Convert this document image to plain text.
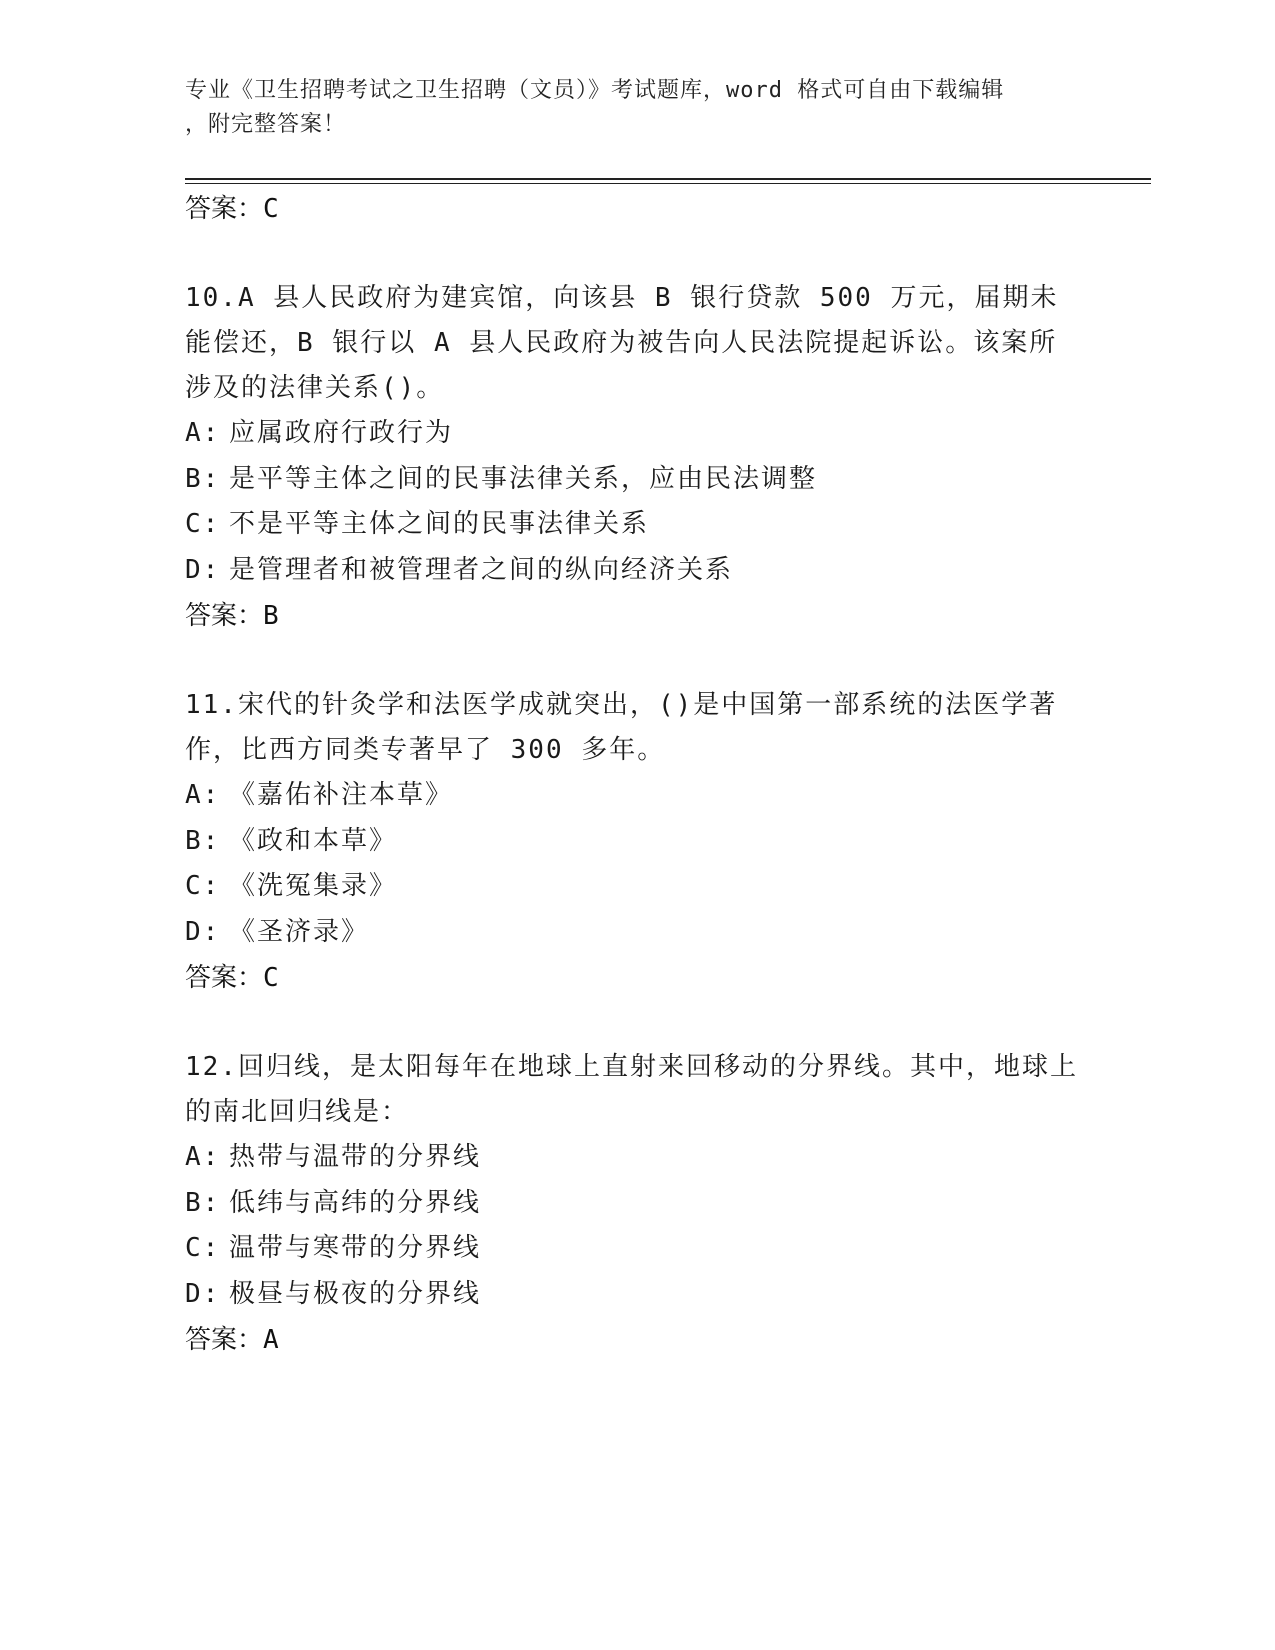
专业《卫生招聘考试之卫生招聘（文员）》考试题库，word 格式可自由下载编辑
，附完整答案！

答案：C

10.A 县人民政府为建宾馆，向该县 B 银行贷款 500 万元，届期未能偿还，B 银行以 A 县人民政府为被告向人民法院提起诉讼。该案所涉及的法律关系()。

A: 应属政府行政行为

B: 是平等主体之间的民事法律关系，应由民法调整

C: 不是平等主体之间的民事法律关系

D: 是管理者和被管理者之间的纵向经济关系

答案：B

11.宋代的针灸学和法医学成就突出，()是中国第一部系统的法医学著作，比西方同类专著早了 300 多年。

A: 《嘉佑补注本草》

B: 《政和本草》

C: 《洗冤集录》

D: 《圣济录》

答案：C

12.回归线，是太阳每年在地球上直射来回移动的分界线。其中，地球上的南北回归线是：

A: 热带与温带的分界线

B: 低纬与高纬的分界线

C: 温带与寒带的分界线

D: 极昼与极夜的分界线

答案：A
